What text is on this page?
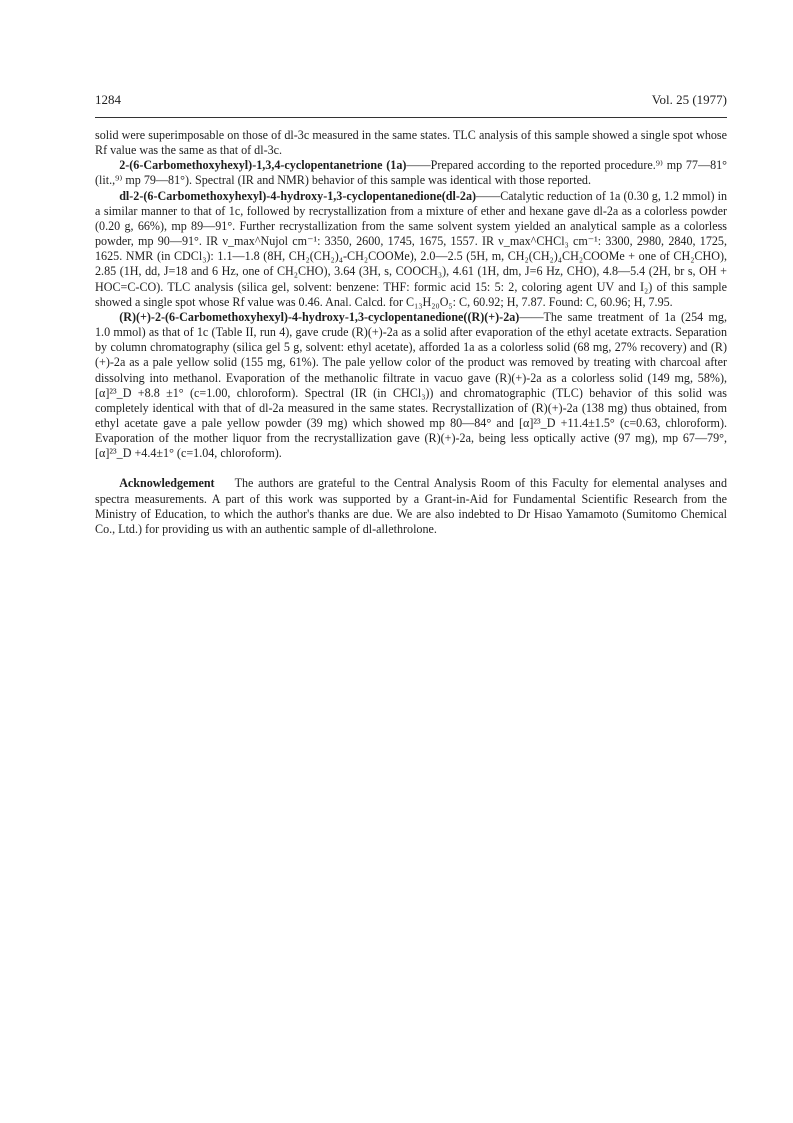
1284	Vol. 25 (1977)

solid were superimposable on those of dl-3c measured in the same states. TLC analysis of this sample showed a single spot whose Rf value was the same as that of dl-3c.

2-(6-Carbomethoxyhexyl)-1,3,4-cyclopentanetrione (1a)——Prepared according to the reported procedure.⁹⁾ mp 77—81° (lit.,⁹⁾ mp 79—81°). Spectral (IR and NMR) behavior of this sample was identical with those reported.

dl-2-(6-Carbomethoxyhexyl)-4-hydroxy-1,3-cyclopentanedione(dl-2a)——Catalytic reduction of 1a (0.30 g, 1.2 mmol) in a similar manner to that of 1c, followed by recrystallization from a mixture of ether and hexane gave dl-2a as a colorless powder (0.20 g, 66%), mp 89—91°. Further recrystallization from the same solvent system yielded an analytical sample as a colorless powder, mp 90—91°. IR ν_max^Nujol cm⁻¹: 3350, 2600, 1745, 1675, 1557. IR ν_max^CHCl₃ cm⁻¹: 3300, 2980, 2840, 1725, 1625. NMR (in CDCl₃): 1.1—1.8 (8H, CH₂(CH₂)₄-CH₂COOMe), 2.0—2.5 (5H, m, CH₂(CH₂)₄CH₂COOMe + one of CH₂CHO), 2.85 (1H, dd, J=18 and 6 Hz, one of CH₂CHO), 3.64 (3H, s, COOCH₃), 4.61 (1H, dm, J=6 Hz, CHO), 4.8—5.4 (2H, br s, OH + HOC=C-CO). TLC analysis (silica gel, solvent: benzene: THF: formic acid 15: 5: 2, coloring agent UV and I₂) of this sample showed a single spot whose Rf value was 0.46. Anal. Calcd. for C₁₃H₂₀O₅: C, 60.92; H, 7.87. Found: C, 60.96; H, 7.95.

(R)(+)-2-(6-Carbomethoxyhexyl)-4-hydroxy-1,3-cyclopentanedione((R)(+)-2a)——The same treatment of 1a (254 mg, 1.0 mmol) as that of 1c (Table II, run 4), gave crude (R)(+)-2a as a solid after evaporation of the ethyl acetate extracts. Separation by column chromatography (silica gel 5 g, solvent: ethyl acetate), afforded 1a as a colorless solid (68 mg, 27% recovery) and (R)(+)-2a as a pale yellow solid (155 mg, 61%). The pale yellow color of the product was removed by treating with charcoal after dissolving into methanol. Evaporation of the methanolic filtrate in vacuo gave (R)(+)-2a as a colorless solid (149 mg, 58%), [α]²³_D +8.8 ±1° (c=1.00, chloroform). Spectral (IR (in CHCl₃)) and chromatographic (TLC) behavior of this solid was completely identical with that of dl-2a measured in the same states. Recrystallization of (R)(+)-2a (138 mg) thus obtained, from ethyl acetate gave a pale yellow powder (39 mg) which showed mp 80—84° and [α]²³_D +11.4±1.5° (c=0.63, chloroform). Evaporation of the mother liquor from the recrystallization gave (R)(+)-2a, being less optically active (97 mg), mp 67—79°, [α]²³_D +4.4±1° (c=1.04, chloroform).

Acknowledgement The authors are grateful to the Central Analysis Room of this Faculty for elemental analyses and spectra measurements. A part of this work was supported by a Grant-in-Aid for Fundamental Scientific Research from the Ministry of Education, to which the author's thanks are due. We are also indebted to Dr Hisao Yamamoto (Sumitomo Chemical Co., Ltd.) for providing us with an authentic sample of dl-allethrolone.
